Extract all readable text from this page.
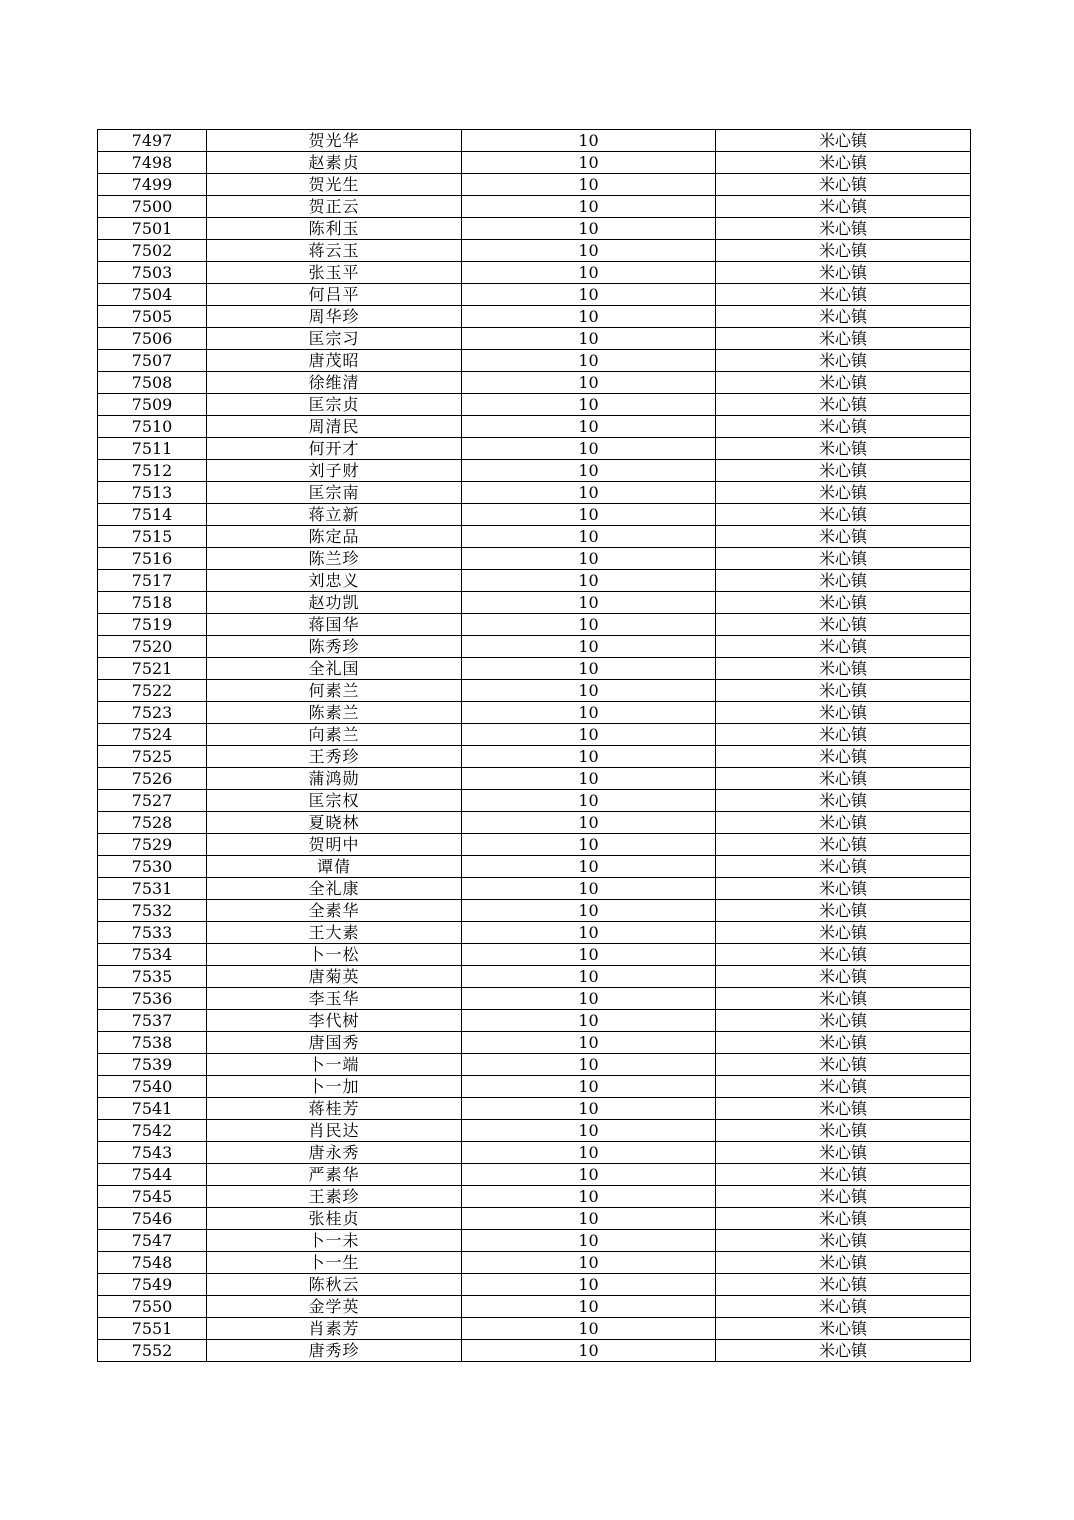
7497	贺光华	10	米心镇
7498	赵素贞	10	米心镇
7499	贺光生	10	米心镇
7500	贺正云	10	米心镇
7501	陈利玉	10	米心镇
7502	蒋云玉	10	米心镇
7503	张玉平	10	米心镇
7504	何吕平	10	米心镇
7505	周华珍	10	米心镇
7506	匡宗习	10	米心镇
7507	唐茂昭	10	米心镇
7508	徐维清	10	米心镇
7509	匡宗贞	10	米心镇
7510	周清民	10	米心镇
7511	何开才	10	米心镇
7512	刘子财	10	米心镇
7513	匡宗南	10	米心镇
7514	蒋立新	10	米心镇
7515	陈定品	10	米心镇
7516	陈兰珍	10	米心镇
7517	刘忠义	10	米心镇
7518	赵功凯	10	米心镇
7519	蒋国华	10	米心镇
7520	陈秀珍	10	米心镇
7521	全礼国	10	米心镇
7522	何素兰	10	米心镇
7523	陈素兰	10	米心镇
7524	向素兰	10	米心镇
7525	王秀珍	10	米心镇
7526	蒲鸿勋	10	米心镇
7527	匡宗权	10	米心镇
7528	夏晓林	10	米心镇
7529	贺明中	10	米心镇
7530	谭倩	10	米心镇
7531	全礼康	10	米心镇
7532	全素华	10	米心镇
7533	王大素	10	米心镇
7534	卜一松	10	米心镇
7535	唐菊英	10	米心镇
7536	李玉华	10	米心镇
7537	李代树	10	米心镇
7538	唐国秀	10	米心镇
7539	卜一端	10	米心镇
7540	卜一加	10	米心镇
7541	蒋桂芳	10	米心镇
7542	肖民达	10	米心镇
7543	唐永秀	10	米心镇
7544	严素华	10	米心镇
7545	王素珍	10	米心镇
7546	张桂贞	10	米心镇
7547	卜一未	10	米心镇
7548	卜一生	10	米心镇
7549	陈秋云	10	米心镇
7550	金学英	10	米心镇
7551	肖素芳	10	米心镇
7552	唐秀珍	10	米心镇
